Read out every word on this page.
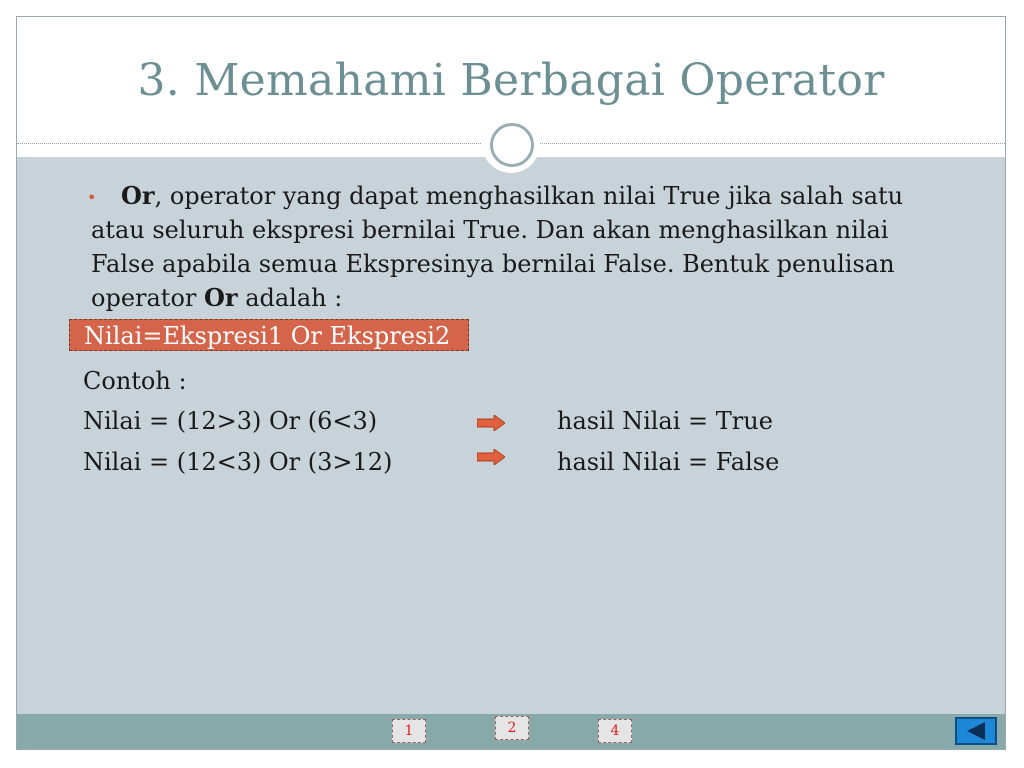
3. Memahami Berbagai Operator
•	Or, operator yang dapat menghasilkan nilai True jika salah satu atau seluruh ekspresi bernilai True. Dan akan menghasilkan nilai False apabila semua Ekspresinya bernilai False. Bentuk penulisan operator Or adalah :
Nilai=Ekspresi1 Or Ekspresi2
Contoh :
Nilai = (12>3) Or (6<3)	hasil Nilai = True
Nilai = (12<3) Or (3>12)	hasil Nilai = False
1	2	4
